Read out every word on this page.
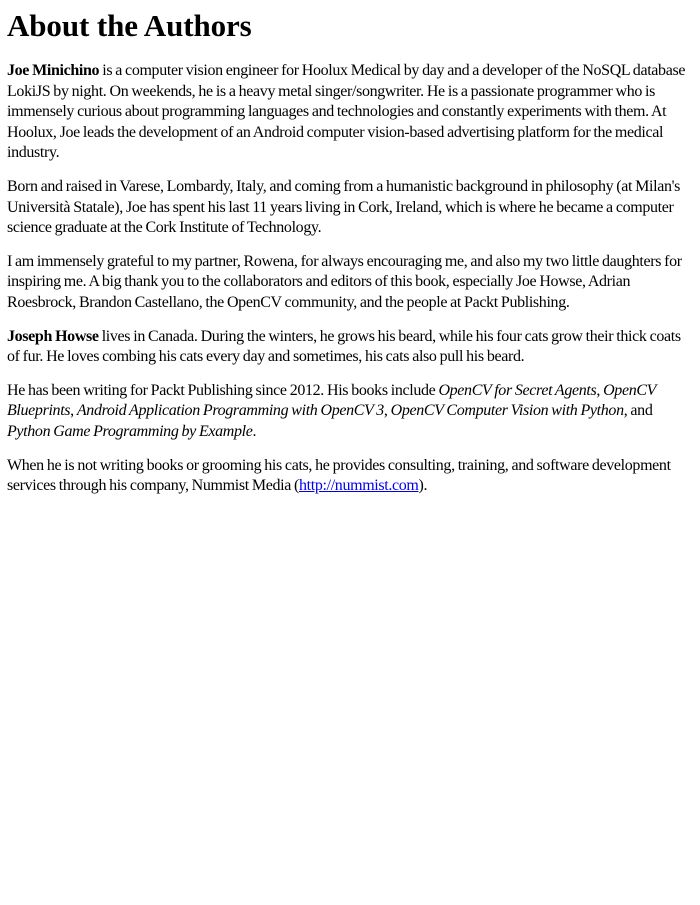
About the Authors

Joe Minichino is a computer vision engineer for Hoolux Medical by day and a developer of the NoSQL database LokiJS by night. On weekends, he is a heavy metal singer/songwriter. He is a passionate programmer who is immensely curious about programming languages and technologies and constantly experiments with them. At Hoolux, Joe leads the development of an Android computer vision-based advertising platform for the medical industry.

Born and raised in Varese, Lombardy, Italy, and coming from a humanistic background in philosophy (at Milan's Università Statale), Joe has spent his last 11 years living in Cork, Ireland, which is where he became a computer science graduate at the Cork Institute of Technology.

I am immensely grateful to my partner, Rowena, for always encouraging me, and also my two little daughters for inspiring me. A big thank you to the collaborators and editors of this book, especially Joe Howse, Adrian Roesbrock, Brandon Castellano, the OpenCV community, and the people at Packt Publishing.

Joseph Howse lives in Canada. During the winters, he grows his beard, while his four cats grow their thick coats of fur. He loves combing his cats every day and sometimes, his cats also pull his beard.

He has been writing for Packt Publishing since 2012. His books include OpenCV for Secret Agents, OpenCV Blueprints, Android Application Programming with OpenCV 3, OpenCV Computer Vision with Python, and Python Game Programming by Example.

When he is not writing books or grooming his cats, he provides consulting, training, and software development services through his company, Nummist Media (http://nummist.com).
